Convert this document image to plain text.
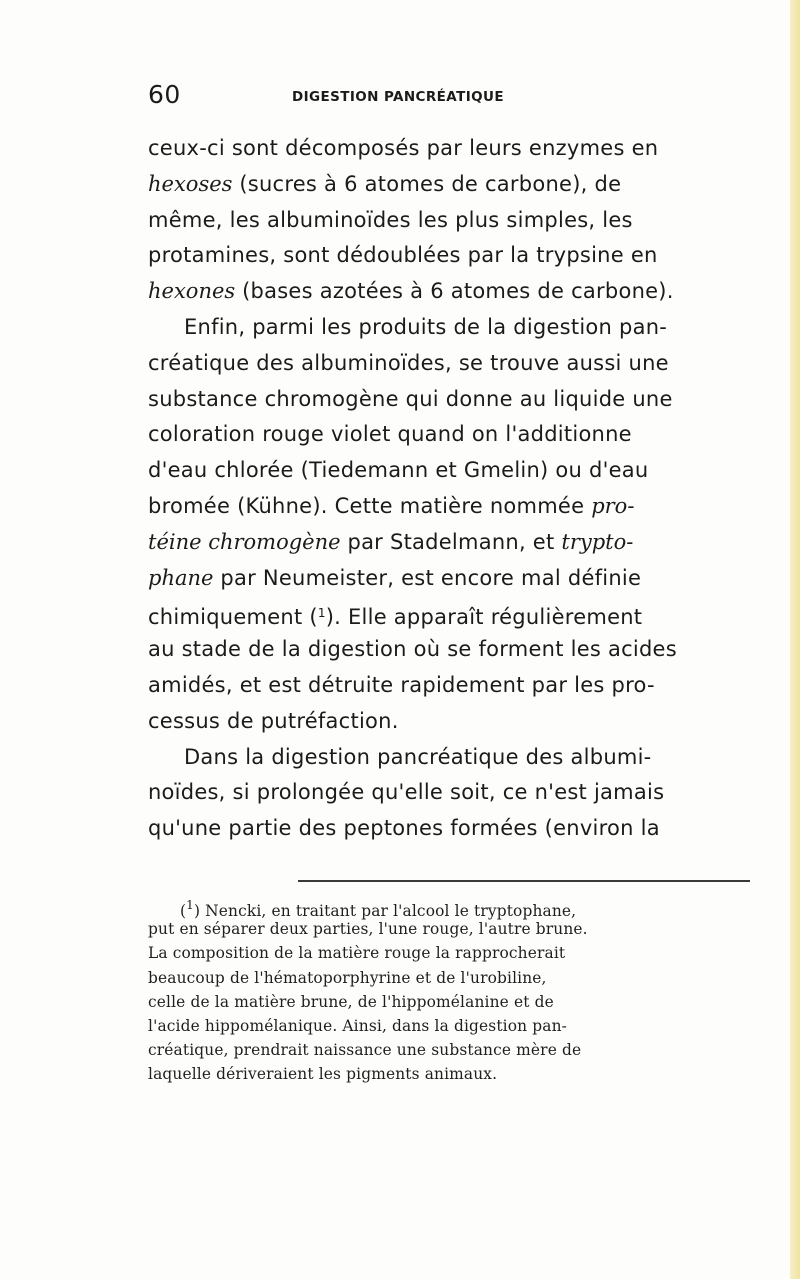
60	DIGESTION PANCRÉATIQUE
ceux-ci sont décomposés par leurs enzymes en
hexoses (sucres à 6 atomes de carbone), de
même, les albuminoïdes les plus simples, les
protamines, sont dédoublées par la trypsine en
hexones (bases azotées à 6 atomes de carbone).
Enfin, parmi les produits de la digestion pan-
créatique des albuminoïdes, se trouve aussi une
substance chromogène qui donne au liquide une
coloration rouge violet quand on l'additionne
d'eau chlorée (Tiedemann et Gmelin) ou d'eau
bromée (Kühne). Cette matière nommée pro-
téine chromogène par Stadelmann, et trypto-
phane par Neumeister, est encore mal définie
chimiquement ($^1$). Elle apparaît régulièrement
au stade de la digestion où se forment les acides
amidés, et est détruite rapidement par les pro-
cessus de putréfaction.
Dans la digestion pancréatique des albumi-
noïdes, si prolongée qu'elle soit, ce n'est jamais
qu'une partie des peptones formées (environ la
($^1$) Nencki, en traitant par l'alcool le tryptophane,
put en séparer deux parties, l'une rouge, l'autre brune.
La composition de la matière rouge la rapprocherait
beaucoup de l'hématoporphyrine et de l'urobiline,
celle de la matière brune, de l'hippomélanine et de
l'acide hippomélanique. Ainsi, dans la digestion pan-
créatique, prendrait naissance une substance mère de
laquelle dériveraient les pigments animaux.
